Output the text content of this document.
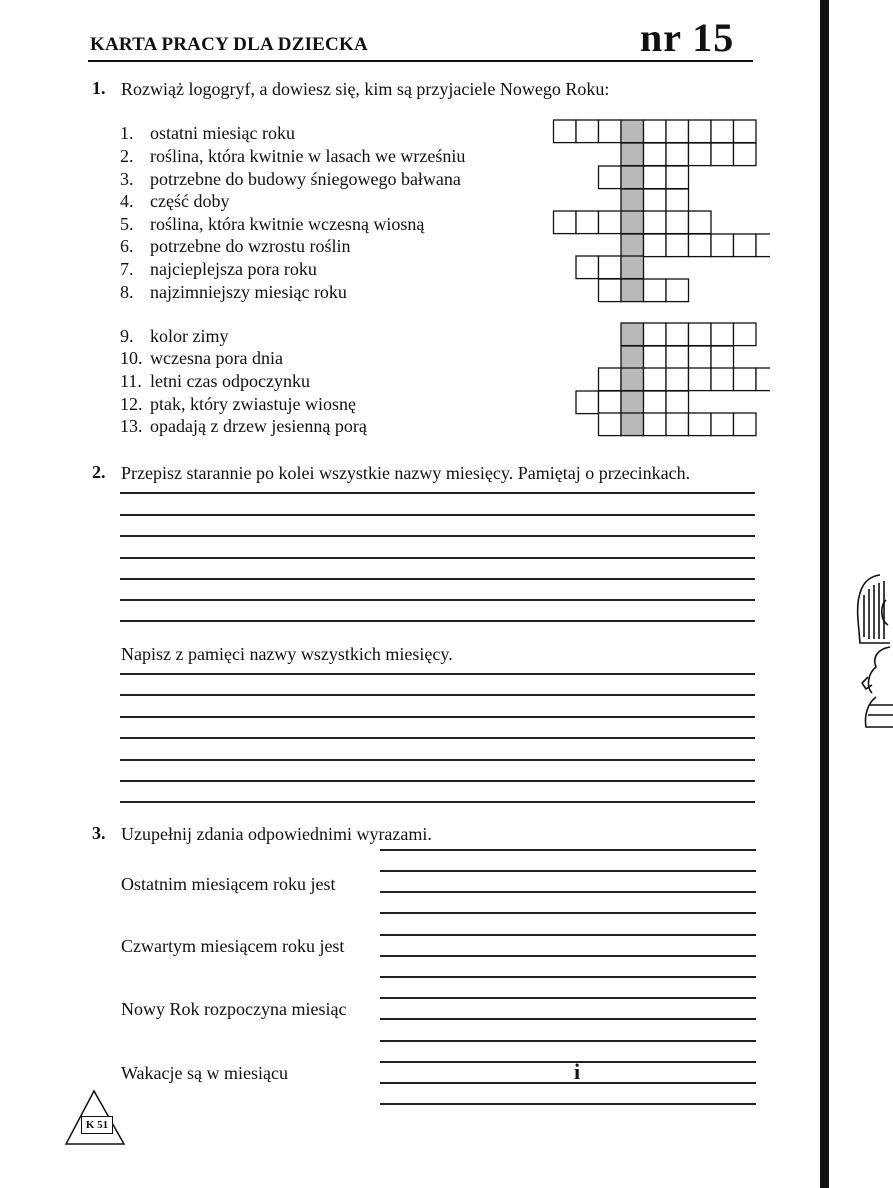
KARTA PRACY DLA DZIECKA	nr 15
1. Rozwiąż logogryf, a dowiesz się, kim są przyjaciele Nowego Roku:
1. ostatni miesiąc roku
2. roślina, która kwitnie w lasach we wrześniu
3. potrzebne do budowy śniegowego bałwana
4. część doby
5. roślina, która kwitnie wczesną wiosną
6. potrzebne do wzrostu roślin
7. najcieplejsza pora roku
8. najzimniejszy miesiąc roku
9. kolor zimy
10. wczesna pora dnia
11. letni czas odpoczynku
12. ptak, który zwiastuje wiosnę
13. opadają z drzew jesienną porą
2. Przepisz starannie po kolei wszystkie nazwy miesięcy. Pamiętaj o przecinkach.
Napisz z pamięci nazwy wszystkich miesięcy.
3. Uzupełnij zdania odpowiednimi wyrazami.
Ostatnim miesiącem roku jest
Czwartym miesiącem roku jest
Nowy Rok rozpoczyna miesiąc
Wakacje są w miesiącu	i
K 51
